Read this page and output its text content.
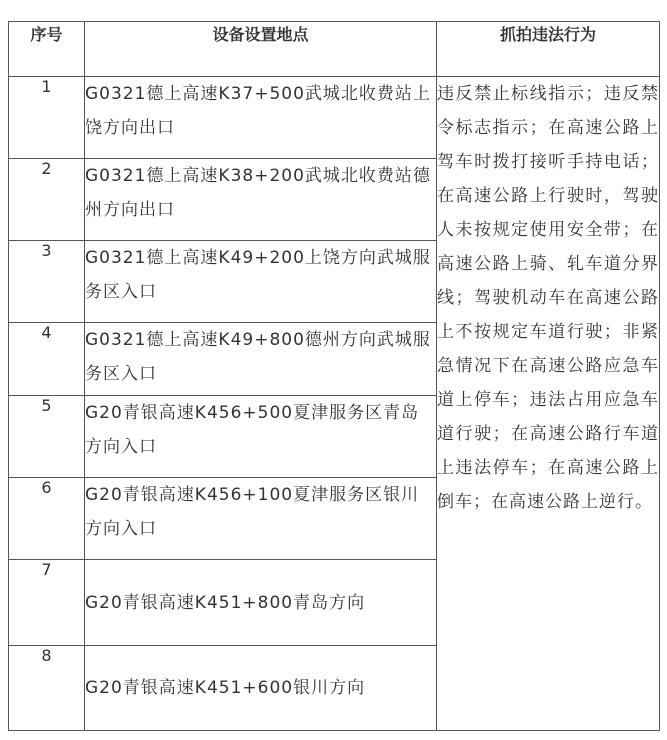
序号	设备设置地点	抓拍违法行为
1	G0321德上高速K37+500武城北收费站上饶方向出口	违反禁止标线指示；违反禁令标志指示；在高速公路上驾车时拨打接听手持电话；在高速公路上行驶时，驾驶人未按规定使用安全带；在高速公路上骑、轧车道分界线；驾驶机动车在高速公路上不按规定车道行驶；非紧急情况下在高速公路应急车道上停车；违法占用应急车道行驶；在高速公路行车道上违法停车；在高速公路上倒车；在高速公路上逆行。
2	G0321德上高速K38+200武城北收费站德州方向出口	
3	G0321德上高速K49+200上饶方向武城服务区入口	
4	G0321德上高速K49+800德州方向武城服务区入口	
5	G20青银高速K456+500夏津服务区青岛方向入口	
6	G20青银高速K456+100夏津服务区银川方向入口	
7	G20青银高速K451+800青岛方向	
8	G20青银高速K451+600银川方向	
